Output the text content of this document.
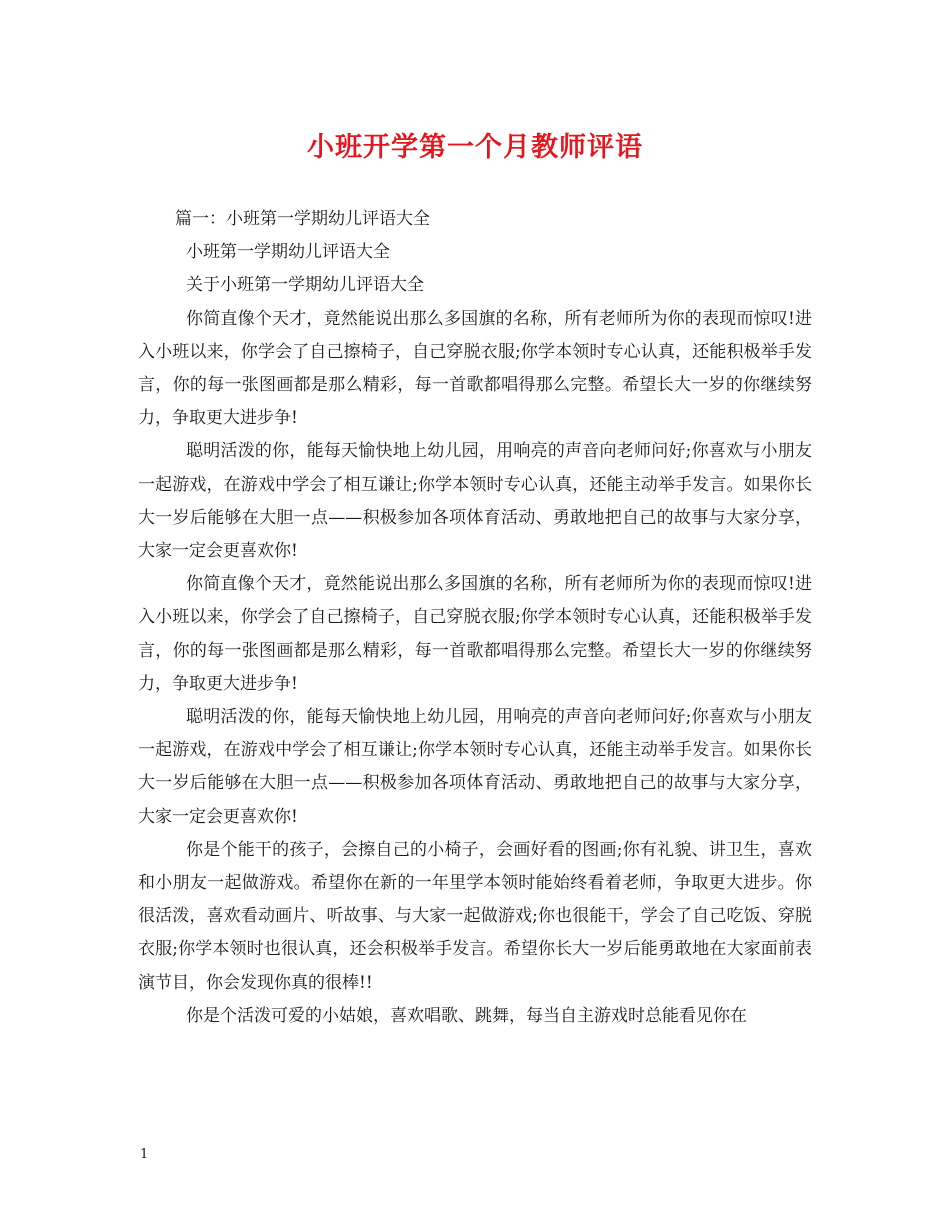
小班开学第一个月教师评语

篇一：小班第一学期幼儿评语大全

小班第一学期幼儿评语大全

关于小班第一学期幼儿评语大全

你简直像个天才，竟然能说出那么多国旗的名称，所有老师所为你的表现而惊叹!进入小班以来，你学会了自己擦椅子，自己穿脱衣服;你学本领时专心认真，还能积极举手发言，你的每一张图画都是那么精彩，每一首歌都唱得那么完整。希望长大一岁的你继续努力，争取更大进步争!

聪明活泼的你，能每天愉快地上幼儿园，用响亮的声音向老师问好;你喜欢与小朋友一起游戏，在游戏中学会了相互谦让;你学本领时专心认真，还能主动举手发言。如果你长大一岁后能够在大胆一点——积极参加各项体育活动、勇敢地把自己的故事与大家分享，大家一定会更喜欢你!

你简直像个天才，竟然能说出那么多国旗的名称，所有老师所为你的表现而惊叹!进入小班以来，你学会了自己擦椅子，自己穿脱衣服;你学本领时专心认真，还能积极举手发言，你的每一张图画都是那么精彩，每一首歌都唱得那么完整。希望长大一岁的你继续努力，争取更大进步争!

聪明活泼的你，能每天愉快地上幼儿园，用响亮的声音向老师问好;你喜欢与小朋友一起游戏，在游戏中学会了相互谦让;你学本领时专心认真，还能主动举手发言。如果你长大一岁后能够在大胆一点——积极参加各项体育活动、勇敢地把自己的故事与大家分享，大家一定会更喜欢你!

你是个能干的孩子，会擦自己的小椅子，会画好看的图画;你有礼貌、讲卫生，喜欢和小朋友一起做游戏。希望你在新的一年里学本领时能始终看着老师，争取更大进步。你很活泼，喜欢看动画片、听故事、与大家一起做游戏;你也很能干，学会了自己吃饭、穿脱衣服;你学本领时也很认真，还会积极举手发言。希望你长大一岁后能勇敢地在大家面前表演节目，你会发现你真的很棒!!

你是个活泼可爱的小姑娘，喜欢唱歌、跳舞，每当自主游戏时总能看见你在

1
